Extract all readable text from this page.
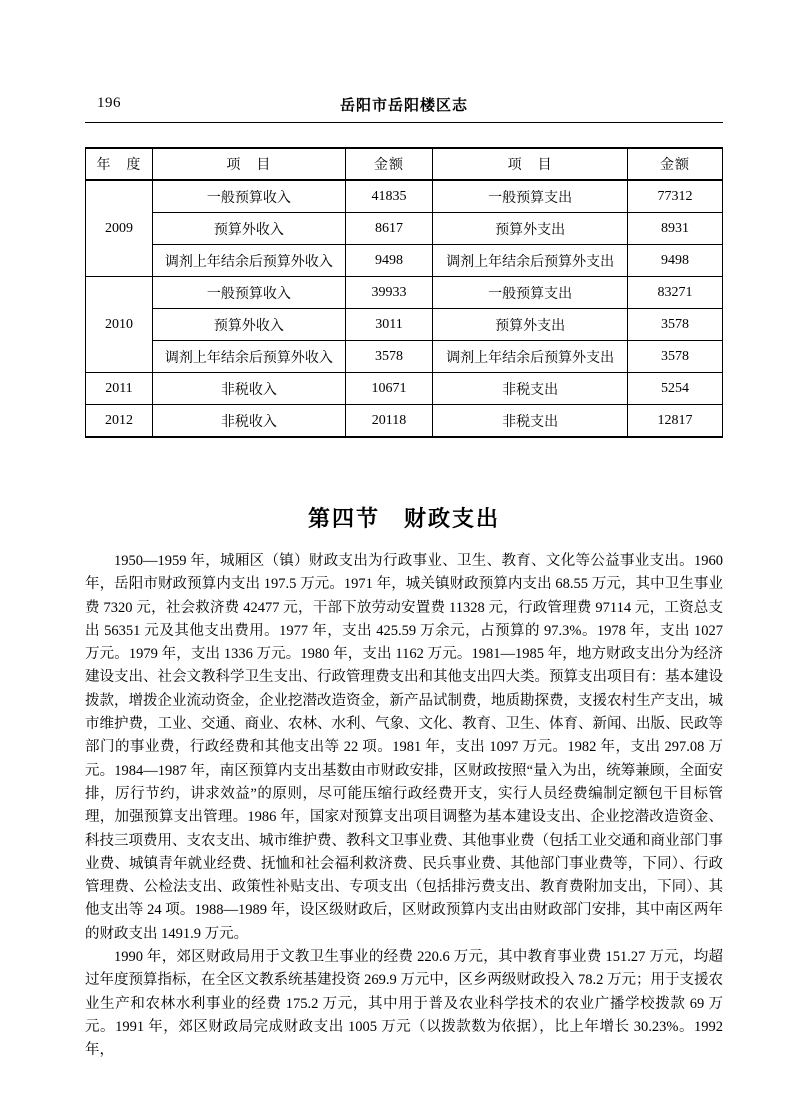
196	岳阳市岳阳楼区志
年　度	项　目	金额	项　目	金额
2009	一般预算收入	41835	一般预算支出	77312
	预算外收入	8617	预算外支出	8931
	调剂上年结余后预算外收入	9498	调剂上年结余后预算外支出	9498
2010	一般预算收入	39933	一般预算支出	83271
	预算外收入	3011	预算外支出	3578
	调剂上年结余后预算外收入	3578	调剂上年结余后预算外支出	3578
2011	非税收入	10671	非税支出	5254
2012	非税收入	20118	非税支出	12817
第四节　财政支出

1950—1959 年，城厢区（镇）财政支出为行政事业、卫生、教育、文化等公益事业支出。1960 年，岳阳市财政预算内支出 197.5 万元。1971 年，城关镇财政预算内支出 68.55 万元，其中卫生事业费 7320 元，社会救济费 42477 元，干部下放劳动安置费 11328 元，行政管理费 97114 元，工资总支出 56351 元及其他支出费用。1977 年，支出 425.59 万余元，占预算的 97.3%。1978 年，支出 1027 万元。1979 年，支出 1336 万元。1980 年，支出 1162 万元。1981—1985 年，地方财政支出分为经济建设支出、社会文教科学卫生支出、行政管理费支出和其他支出四大类。预算支出项目有：基本建设拨款，增拨企业流动资金，企业挖潜改造资金，新产品试制费，地质勘探费，支援农村生产支出，城市维护费，工业、交通、商业、农林、水利、气象、文化、教育、卫生、体育、新闻、出版、民政等部门的事业费，行政经费和其他支出等 22 项。1981 年，支出 1097 万元。1982 年，支出 297.08 万元。1984—1987 年，南区预算内支出基数由市财政安排，区财政按照“量入为出，统筹兼顾，全面安排，厉行节约，讲求效益”的原则，尽可能压缩行政经费开支，实行人员经费编制定额包干目标管理，加强预算支出管理。1986 年，国家对预算支出项目调整为基本建设支出、企业挖潜改造资金、科技三项费用、支农支出、城市维护费、教科文卫事业费、其他事业费（包括工业交通和商业部门事业费、城镇青年就业经费、抚恤和社会福利救济费、民兵事业费、其他部门事业费等，下同）、行政管理费、公检法支出、政策性补贴支出、专项支出（包括排污费支出、教育费附加支出，下同）、其他支出等 24 项。1988—1989 年，设区级财政后，区财政预算内支出由财政部门安排，其中南区两年的财政支出 1491.9 万元。

1990 年，郊区财政局用于文教卫生事业的经费 220.6 万元，其中教育事业费 151.27 万元，均超过年度预算指标，在全区文教系统基建投资 269.9 万元中，区乡两级财政投入 78.2 万元；用于支援农业生产和农林水利事业的经费 175.2 万元，其中用于普及农业科学技术的农业广播学校拨款 69 万元。1991 年，郊区财政局完成财政支出 1005 万元（以拨款数为依据），比上年增长 30.23%。1992 年，
